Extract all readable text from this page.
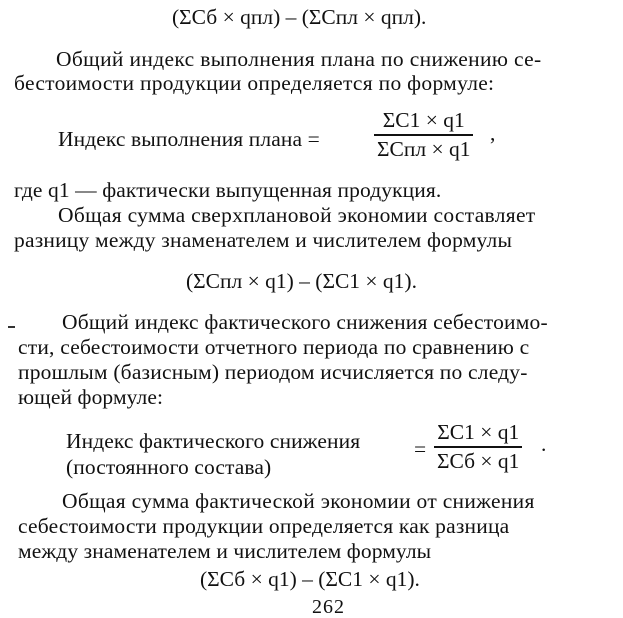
(ΣСб × qпл) – (ΣСпл × qпл).
Общий индекс выполнения плана по снижению се-
бестоимости продукции определяется по формуле:
Индекс выполнения плана =
ΣС1 × q1
ΣСпл × q1
,
где q1 — фактически выпущенная продукция.
Общая сумма сверхплановой экономии составляет
разницу между знаменателем и числителем формулы
(ΣСпл × q1) – (ΣС1 × q1).
Общий индекс фактического снижения себестоимо-
сти, себестоимости отчетного периода по сравнению с
прошлым (базисным) периодом исчисляется по следу-
ющей формуле:
Индекс фактического снижения
(постоянного состава)
=
ΣС1 × q1
ΣСб × q1
.
Общая сумма фактической экономии от снижения
себестоимости продукции определяется как разница
между знаменателем и числителем формулы
(ΣСб × q1) – (ΣС1 × q1).
262
